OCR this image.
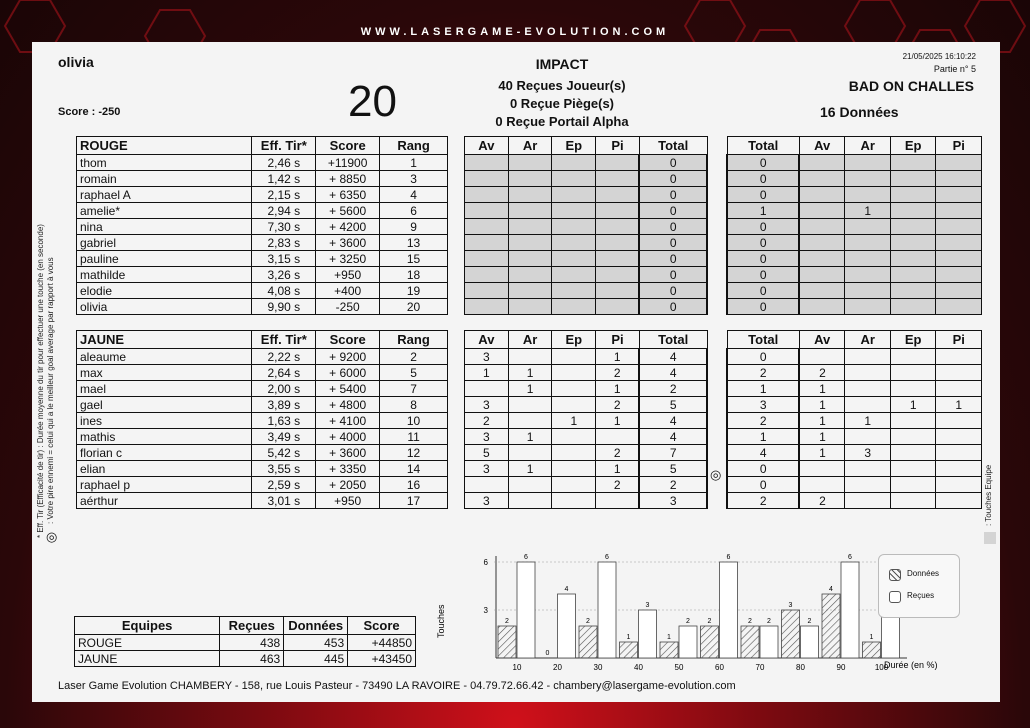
WWW.LASERGAME-EVOLUTION.COM
olivia
Score : -250	20
IMPACT
40 Reçues Joueur(s)
0 Reçue Piège(s)
0 Reçue Portail Alpha
21/05/2025 16:10:22
Partie n° 5
BAD ON CHALLES
16 Données
ROUGE	Eff. Tir*	Score	Rang
thom	2,46 s	+11900	1
romain	1,42 s	+ 8850	3
raphael A	2,15 s	+ 6350	4
amelie*	2,94 s	+ 5600	6
nina	7,30 s	+ 4200	9
gabriel	2,83 s	+ 3600	13
pauline	3,15 s	+ 3250	15
mathilde	3,26 s	+950	18
elodie	4,08 s	+400	19
olivia	9,90 s	-250	20
JAUNE	Eff. Tir*	Score	Rang
aleaume	2,22 s	+ 9200	2
max	2,64 s	+ 6000	5
mael	2,00 s	+ 5400	7
gael	3,89 s	+ 4800	8
ines	1,63 s	+ 4100	10
mathis	3,49 s	+ 4000	11
florian c	5,42 s	+ 3600	12
elian	3,55 s	+ 3350	14
raphael p	2,59 s	+ 2050	16
aérthur	3,01 s	+950	17
Av	Ar	Ep	Pi	Total
				0
				0
				0
				0
				0
				0
				0
				0
				0
				0
Av	Ar	Ep	Pi	Total
3			1	4
1	1		2	4
	1		1	2
3			2	5
2		1	1	4
3	1			4
5			2	7
3	1		1	5
			2	2
3				3
Total	Av	Ar	Ep	Pi
0				
0				
0				
1		1		
0				
0				
0				
0				
0				
0				
Total	Av	Ar	Ep	Pi
0				
2	2			
1	1			
3	1		1	1
2	1	1		
1	1			
4	1	3		
0				
0				
2	2			
◎
◎
* Eff. Tir (Efficacité de tir) : Durée moyenne du tir pour effectuer une touche (en seconde) : Votre pire ennemi = celui qui a le meilleur goal average par rapport à vous	: Touches Equipe
Equipes	Reçues	Données	Score
ROUGE	438	453	+44850
JAUNE	463	445	+43450
3
6
2
6
10
0
4
20
2
6
30
1
3
40
1
2
50
2
6
60
2 2
70
3
2
80
4
6
90
1
100
Touches
Durée (en %)
Données
Reçues
Laser Game Evolution CHAMBERY - 158, rue Louis Pasteur - 73490 LA RAVOIRE - 04.79.72.66.42 - chambery@lasergame-evolution.com
